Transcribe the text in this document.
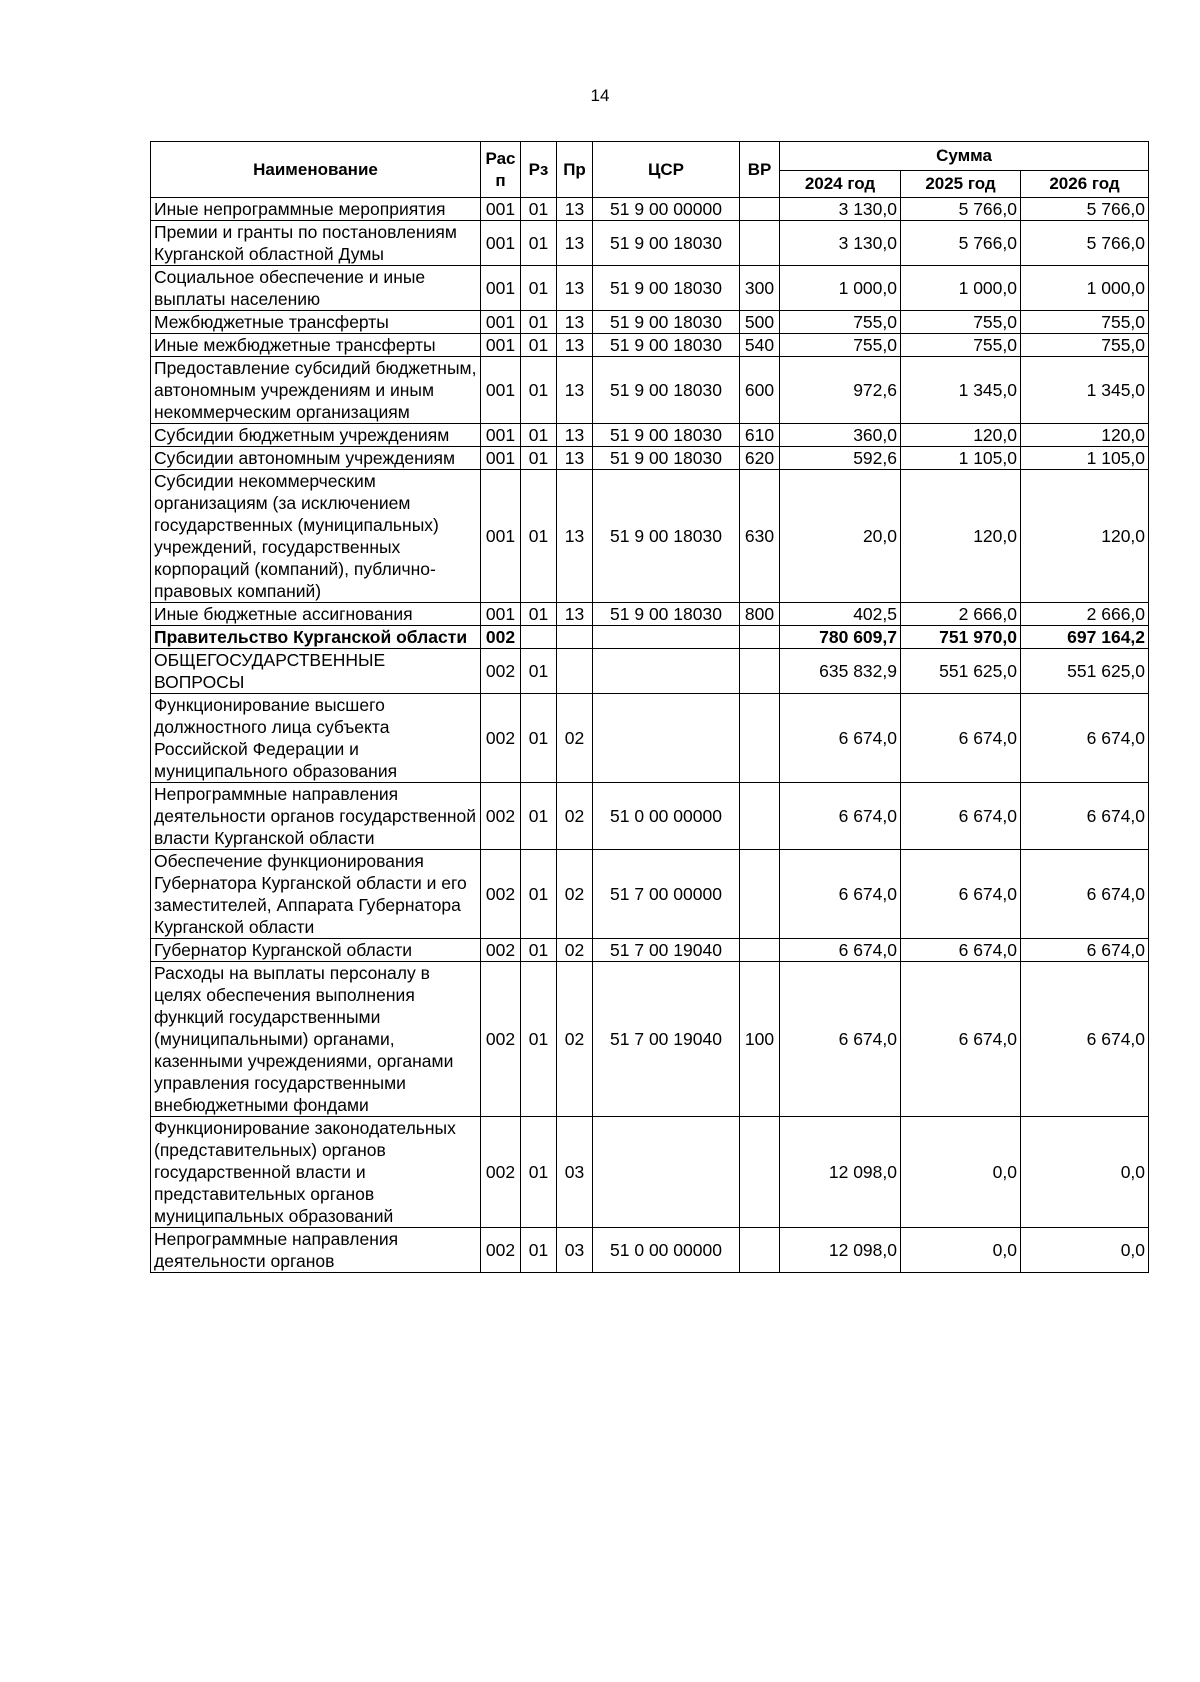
14
Наименование	Рас п	Рз	Пр	ЦСР	ВР	Сумма		
						2024 год	2025 год	2026 год
Иные непрограммные мероприятия	001	01	13	51 9 00 00000		3 130,0	5 766,0	5 766,0
Премии и гранты по постановлениям Курганской областной Думы	001	01	13	51 9 00 18030		3 130,0	5 766,0	5 766,0
Социальное обеспечение и иные выплаты населению	001	01	13	51 9 00 18030	300	1 000,0	1 000,0	1 000,0
Межбюджетные трансферты	001	01	13	51 9 00 18030	500	755,0	755,0	755,0
Иные межбюджетные трансферты	001	01	13	51 9 00 18030	540	755,0	755,0	755,0
Предоставление субсидий бюджетным, автономным учреждениям и иным некоммерческим организациям	001	01	13	51 9 00 18030	600	972,6	1 345,0	1 345,0
Субсидии бюджетным учреждениям	001	01	13	51 9 00 18030	610	360,0	120,0	120,0
Субсидии автономным учреждениям	001	01	13	51 9 00 18030	620	592,6	1 105,0	1 105,0
Субсидии некоммерческим организациям (за исключением государственных (муниципальных) учреждений, государственных корпораций (компаний), публично-правовых компаний)	001	01	13	51 9 00 18030	630	20,0	120,0	120,0
Иные бюджетные ассигнования	001	01	13	51 9 00 18030	800	402,5	2 666,0	2 666,0
Правительство Курганской области	002					780 609,7	751 970,0	697 164,2
ОБЩЕГОСУДАРСТВЕННЫЕ ВОПРОСЫ	002	01				635 832,9	551 625,0	551 625,0
Функционирование высшего должностного лица субъекта Российской Федерации и муниципального образования	002	01	02			6 674,0	6 674,0	6 674,0
Непрограммные направления деятельности органов государственной власти Курганской области	002	01	02	51 0 00 00000		6 674,0	6 674,0	6 674,0
Обеспечение функционирования Губернатора Курганской области и его заместителей, Аппарата Губернатора Курганской области	002	01	02	51 7 00 00000		6 674,0	6 674,0	6 674,0
Губернатор Курганской области	002	01	02	51 7 00 19040		6 674,0	6 674,0	6 674,0
Расходы на выплаты персоналу в целях обеспечения выполнения функций государственными (муниципальными) органами, казенными учреждениями, органами управления государственными внебюджетными фондами	002	01	02	51 7 00 19040	100	6 674,0	6 674,0	6 674,0
Функционирование законодательных (представительных) органов государственной власти и представительных органов муниципальных образований	002	01	03			12 098,0	0,0	0,0
Непрограммные направления деятельности органов	002	01	03	51 0 00 00000		12 098,0	0,0	0,0
